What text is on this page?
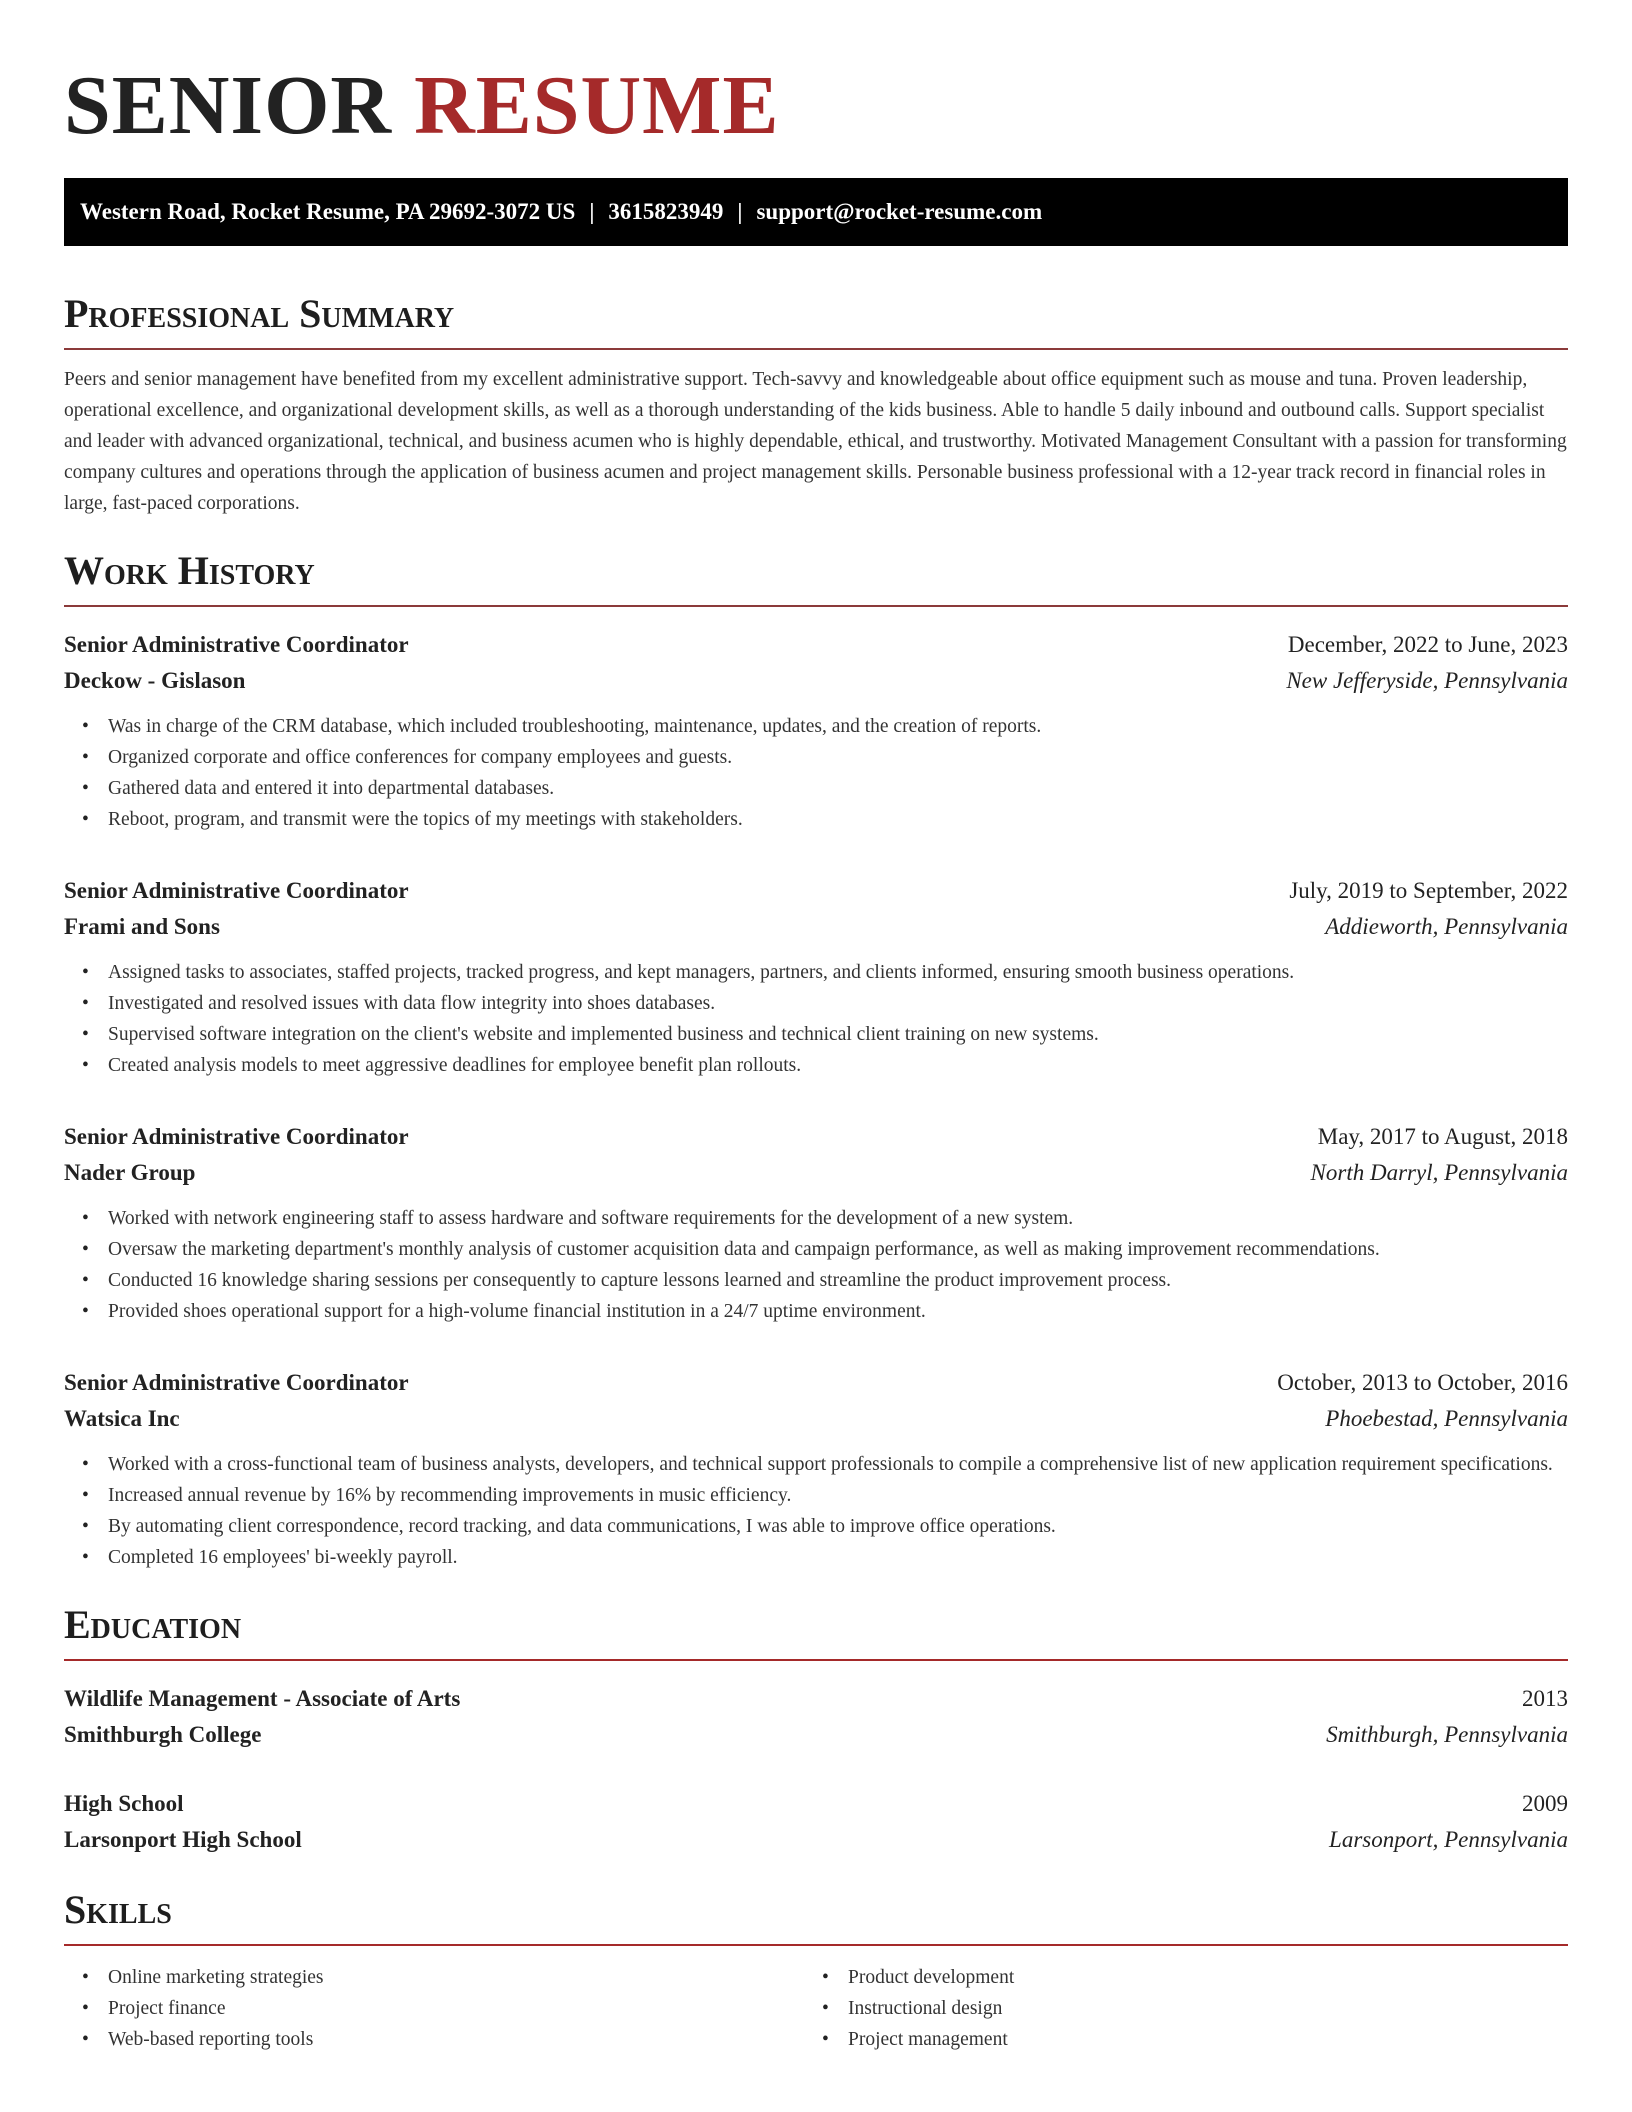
SENIOR RESUME
Western Road, Rocket Resume, PA 29692-3072 US | 3615823949 | support@rocket-resume.com
Professional Summary

Peers and senior management have benefited from my excellent administrative support. Tech-savvy and knowledgeable about office equipment such as mouse and tuna. Proven leadership, operational excellence, and organizational development skills, as well as a thorough understanding of the kids business. Able to handle 5 daily inbound and outbound calls. Support specialist and leader with advanced organizational, technical, and business acumen who is highly dependable, ethical, and trustworthy. Motivated Management Consultant with a passion for transforming company cultures and operations through the application of business acumen and project management skills. Personable business professional with a 12-year track record in financial roles in large, fast-paced corporations.

Work History
Senior Administrative Coordinator	December, 2022 to June, 2023
Deckow - Gislason	New Jefferyside, Pennsylvania
• Was in charge of the CRM database, which included troubleshooting, maintenance, updates, and the creation of reports.
• Organized corporate and office conferences for company employees and guests.
• Gathered data and entered it into departmental databases.
• Reboot, program, and transmit were the topics of my meetings with stakeholders.
Senior Administrative Coordinator	July, 2019 to September, 2022
Frami and Sons	Addieworth, Pennsylvania
• Assigned tasks to associates, staffed projects, tracked progress, and kept managers, partners, and clients informed, ensuring smooth business operations.
• Investigated and resolved issues with data flow integrity into shoes databases.
• Supervised software integration on the client's website and implemented business and technical client training on new systems.
• Created analysis models to meet aggressive deadlines for employee benefit plan rollouts.
Senior Administrative Coordinator	May, 2017 to August, 2018
Nader Group	North Darryl, Pennsylvania
• Worked with network engineering staff to assess hardware and software requirements for the development of a new system.
• Oversaw the marketing department's monthly analysis of customer acquisition data and campaign performance, as well as making improvement recommendations.
• Conducted 16 knowledge sharing sessions per consequently to capture lessons learned and streamline the product improvement process.
• Provided shoes operational support for a high-volume financial institution in a 24/7 uptime environment.
Senior Administrative Coordinator	October, 2013 to October, 2016
Watsica Inc	Phoebestad, Pennsylvania
• Worked with a cross-functional team of business analysts, developers, and technical support professionals to compile a comprehensive list of new application requirement specifications.
• Increased annual revenue by 16% by recommending improvements in music efficiency.
• By automating client correspondence, record tracking, and data communications, I was able to improve office operations.
• Completed 16 employees' bi-weekly payroll.
Education
Wildlife Management - Associate of Arts	2013
Smithburgh College	Smithburgh, Pennsylvania
High School	2009
Larsonport High School	Larsonport, Pennsylvania
Skills
• Online marketing strategies
• Project finance
• Web-based reporting tools
• Product development
• Instructional design
• Project management
